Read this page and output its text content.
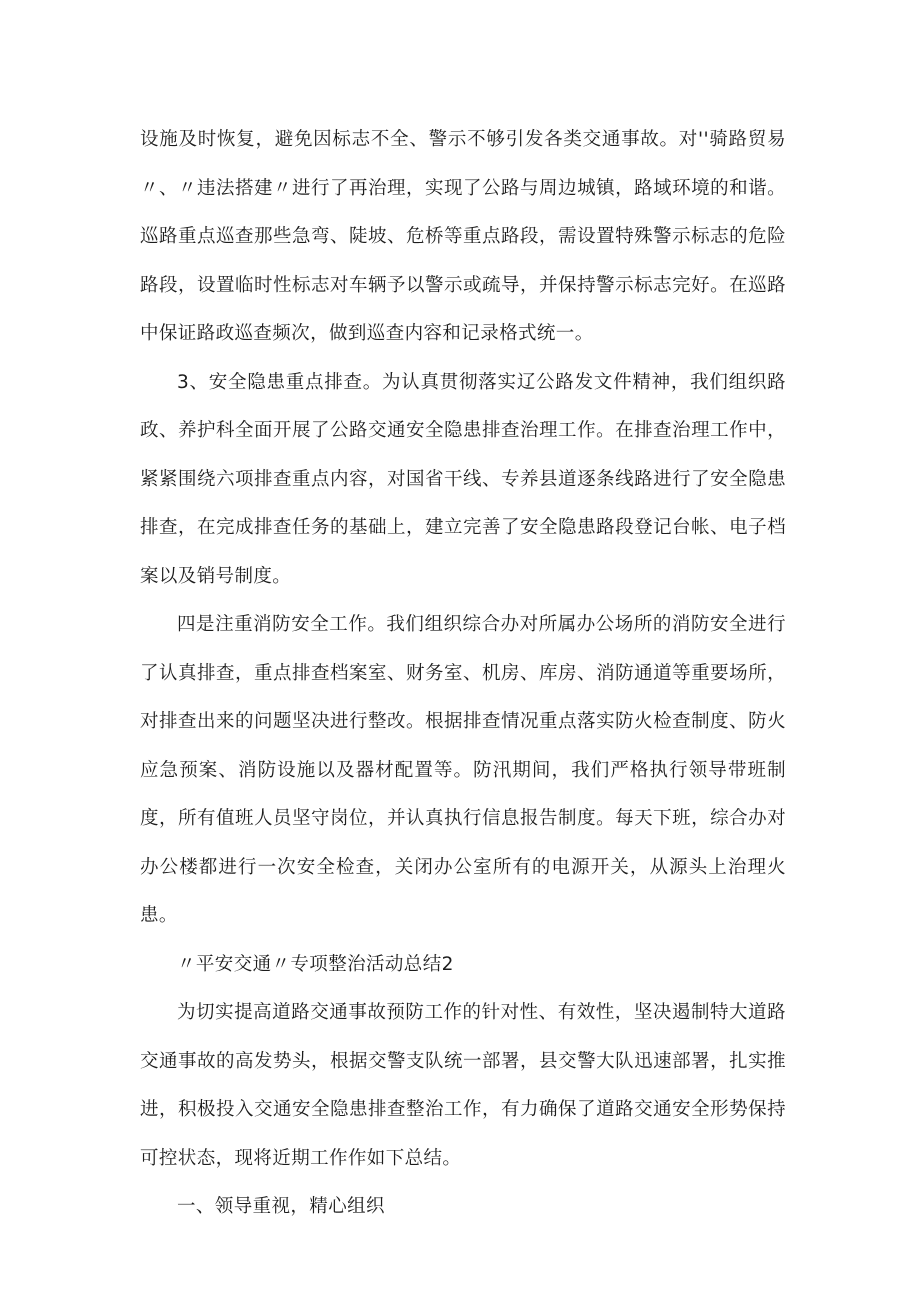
设施及时恢复，避免因标志不全、警示不够引发各类交通事故。对''骑路贸易〃、〃违法搭建〃进行了再治理，实现了公路与周边城镇，路域环境的和谐。巡路重点巡查那些急弯、陡坡、危桥等重点路段，需设置特殊警示标志的危险路段，设置临时性标志对车辆予以警示或疏导，并保持警示标志完好。在巡路中保证路政巡查频次，做到巡查内容和记录格式统一。

3、安全隐患重点排查。为认真贯彻落实辽公路发文件精神，我们组织路政、养护科全面开展了公路交通安全隐患排查治理工作。在排查治理工作中，紧紧围绕六项排查重点内容，对国省干线、专养县道逐条线路进行了安全隐患排查，在完成排查任务的基础上，建立完善了安全隐患路段登记台帐、电子档案以及销号制度。

四是注重消防安全工作。我们组织综合办对所属办公场所的消防安全进行了认真排查，重点排查档案室、财务室、机房、库房、消防通道等重要场所，对排查出来的问题坚决进行整改。根据排查情况重点落实防火检查制度、防火应急预案、消防设施以及器材配置等。防汛期间，我们严格执行领导带班制度，所有值班人员坚守岗位，并认真执行信息报告制度。每天下班，综合办对办公楼都进行一次安全检查，关闭办公室所有的电源开关，从源头上治理火患。

〃平安交通〃专项整治活动总结2

为切实提高道路交通事故预防工作的针对性、有效性，坚决遏制特大道路交通事故的高发势头，根据交警支队统一部署，县交警大队迅速部署，扎实推进，积极投入交通安全隐患排查整治工作，有力确保了道路交通安全形势保持可控状态，现将近期工作作如下总结。

一、领导重视，精心组织
